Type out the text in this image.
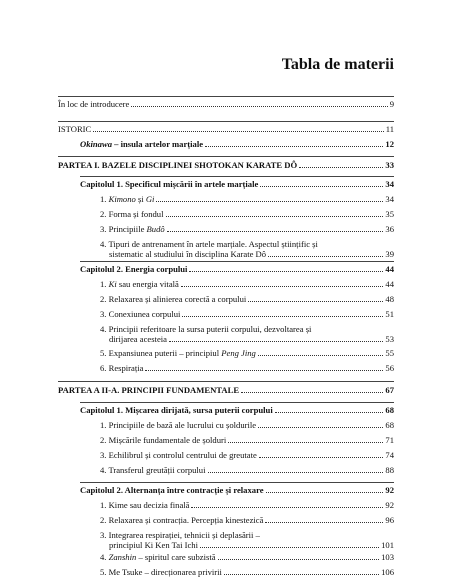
Tabla de materii
În loc de introducere	9
ISTORIC	11
Okinawa – insula artelor marțiale	12
PARTEA I. BAZELE DISCIPLINEI SHOTOKAN KARATE DÔ	33
Capitolul 1. Specificul mișcării în artele marțiale	34
1. Kimono și Gi	34
2. Forma și fondul	35
3. Principiile Budô	36
4. Tipuri de antrenament în artele marțiale. Aspectul științific și
sistematic al studiului în disciplina Karate Dô	39
Capitolul 2. Energia corpului	44
1. Ki sau energia vitală	44
2. Relaxarea și alinierea corectă a corpului	48
3. Conexiunea corpului	51
4. Principii referitoare la sursa puterii corpului, dezvoltarea și
dirijarea acesteia	53
5. Expansiunea puterii – principiul Peng Jing	55
6. Respirația	56
PARTEA A II-A. PRINCIPII FUNDAMENTALE	67
Capitolul 1. Mișcarea dirijată, sursa puterii corpului	68
1. Principiile de bază ale lucrului cu șoldurile	68
2. Mișcările fundamentale de șolduri	71
3. Echilibrul și controlul centrului de greutate	74
4. Transferul greutății corpului	88
Capitolul 2. Alternanța între contracție și relaxare	92
1. Kime sau decizia finală	92
2. Relaxarea și contracția. Percepția kinestezică	96
3. Integrarea respirației, tehnicii și deplasării –
principiul Ki Ken Tai Ichi	101
4. Zanshin – spiritul care subzistă	103
5. Me Tsuke – direcționarea privirii	106
